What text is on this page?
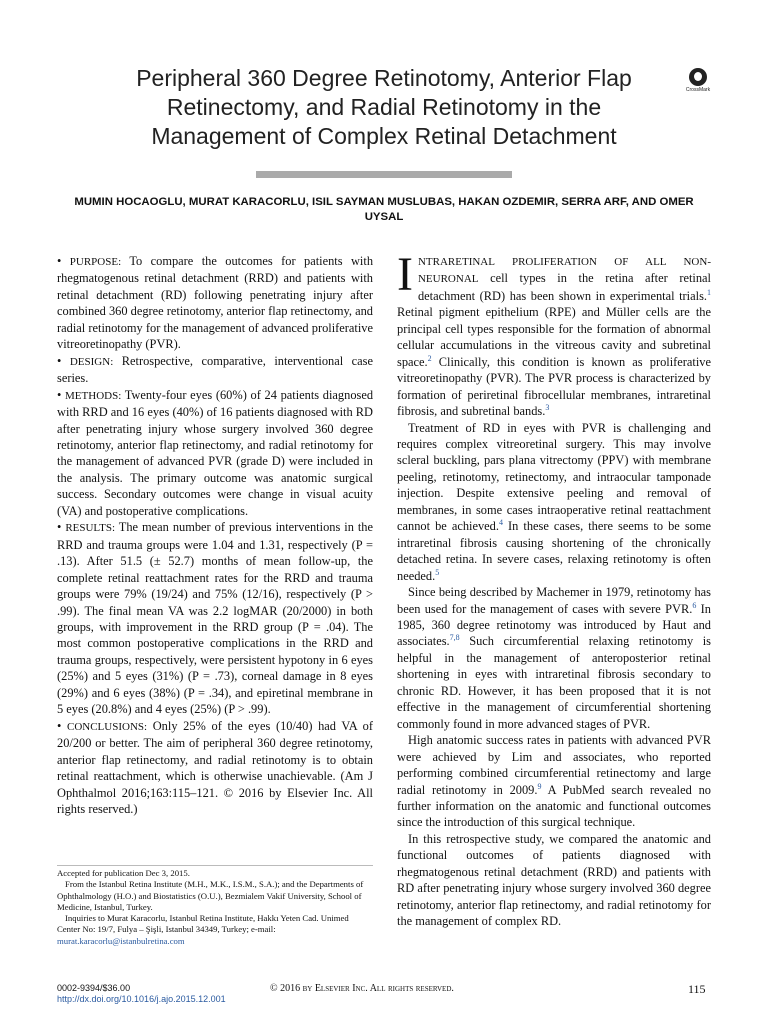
Peripheral 360 Degree Retinotomy, Anterior Flap Retinectomy, and Radial Retinotomy in the Management of Complex Retinal Detachment
CrossMark
MUMIN HOCAOGLU, MURAT KARACORLU, ISIL SAYMAN MUSLUBAS, HAKAN OZDEMIR, SERRA ARF, AND OMER UYSAL

• PURPOSE: To compare the outcomes for patients with rhegmatogenous retinal detachment (RRD) and patients with retinal detachment (RD) following penetrating injury after combined 360 degree retinotomy, anterior flap retinectomy, and radial retinotomy for the management of advanced proliferative vitreoretinopathy (PVR).

• DESIGN: Retrospective, comparative, interventional case series.

• METHODS: Twenty-four eyes (60%) of 24 patients diagnosed with RRD and 16 eyes (40%) of 16 patients diagnosed with RD after penetrating injury whose surgery involved 360 degree retinotomy, anterior flap retinectomy, and radial retinotomy for the management of advanced PVR (grade D) were included in the analysis. The primary outcome was anatomic surgical success. Secondary outcomes were change in visual acuity (VA) and postoperative complications.

• RESULTS: The mean number of previous interventions in the RRD and trauma groups were 1.04 and 1.31, respectively (P = .13). After 51.5 (± 52.7) months of mean follow-up, the complete retinal reattachment rates for the RRD and trauma groups were 79% (19/24) and 75% (12/16), respectively (P > .99). The final mean VA was 2.2 logMAR (20/2000) in both groups, with improvement in the RRD group (P = .04). The most common postoperative complications in the RRD and trauma groups, respectively, were persistent hypotony in 6 eyes (25%) and 5 eyes (31%) (P = .73), corneal damage in 8 eyes (29%) and 6 eyes (38%) (P = .34), and epiretinal membrane in 5 eyes (20.8%) and 4 eyes (25%) (P > .99).

• CONCLUSIONS: Only 25% of the eyes (10/40) had VA of 20/200 or better. The aim of peripheral 360 degree retinotomy, anterior flap retinectomy, and radial retinotomy is to obtain retinal reattachment, which is otherwise unachievable. (Am J Ophthalmol 2016;163:115–121. © 2016 by Elsevier Inc. All rights reserved.)

Accepted for publication Dec 3, 2015.

From the Istanbul Retina Institute (M.H., M.K., I.S.M., S.A.); and the Departments of Ophthalmology (H.O.) and Biostatistics (O.U.), Bezmialem Vakif University, School of Medicine, Istanbul, Turkey.

Inquiries to Murat Karacorlu, Istanbul Retina Institute, Hakkı Yeten Cad. Unimed Center No: 19/7, Fulya – Şişli, Istanbul 34349, Turkey; e-mail: murat.karacorlu@istanbulretina.com

INTRARETINAL PROLIFERATION OF ALL NON-NEURONAL cell types in the retina after retinal detachment (RD) has been shown in experimental trials.$^1$ Retinal pigment epithelium (RPE) and Müller cells are the principal cell types responsible for the formation of abnormal cellular accumulations in the vitreous cavity and subretinal space.$^2$ Clinically, this condition is known as proliferative vitreoretinopathy (PVR). The PVR process is characterized by formation of periretinal fibrocellular membranes, intraretinal fibrosis, and subretinal bands.$^3$

Treatment of RD in eyes with PVR is challenging and requires complex vitreoretinal surgery. This may involve scleral buckling, pars plana vitrectomy (PPV) with membrane peeling, retinotomy, retinectomy, and intraocular tamponade injection. Despite extensive peeling and removal of membranes, in some cases intraoperative retinal reattachment cannot be achieved.$^4$ In these cases, there seems to be some intraretinal fibrosis causing shortening of the chronically detached retina. In severe cases, relaxing retinotomy is often needed.$^5$

Since being described by Machemer in 1979, retinotomy has been used for the management of cases with severe PVR.$^6$ In 1985, 360 degree retinotomy was introduced by Haut and associates.$^{7,8}$ Such circumferential relaxing retinotomy is helpful in the management of anteroposterior retinal shortening in eyes with intraretinal fibrosis secondary to chronic RD. However, it has been proposed that it is not effective in the management of circumferential shortening commonly found in more advanced stages of PVR.

High anatomic success rates in patients with advanced PVR were achieved by Lim and associates, who reported performing combined circumferential retinectomy and large radial retinotomy in 2009.$^9$ A PubMed search revealed no further information on the anatomic and functional outcomes since the introduction of this surgical technique.

In this retrospective study, we compared the anatomic and functional outcomes of patients diagnosed with rhegmatogenous retinal detachment (RRD) and patients with RD after penetrating injury whose surgery involved 360 degree retinotomy, anterior flap retinectomy, and radial retinotomy for the management of complex RD.

0002-9394/$36.00
http://dx.doi.org/10.1016/j.ajo.2015.12.001
© 2016 by Elsevier Inc. All rights reserved.	115
